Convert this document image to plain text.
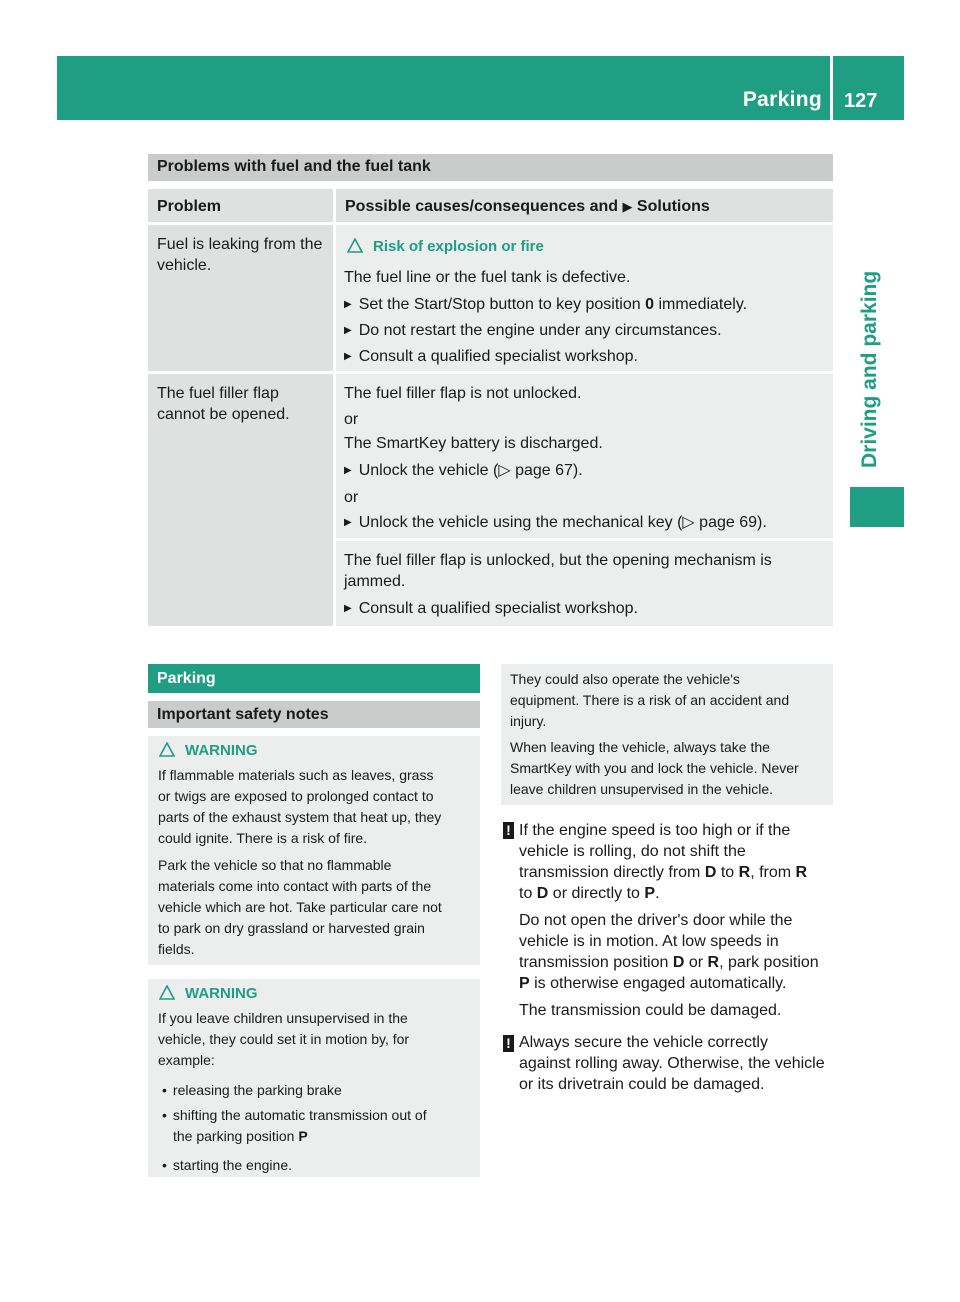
Parking 127
Driving and parking
Problems with fuel and the fuel tank
Problem	Possible causes/consequences and ▶ Solutions
Fuel is leaking from the
vehicle.
Risk of explosion or fire
The fuel line or the fuel tank is defective.
▶ Set the Start/Stop button to key position 0 immediately.
▶ Do not restart the engine under any circumstances.
▶ Consult a qualified specialist workshop.
The fuel filler flap
cannot be opened.
The fuel filler flap is not unlocked.
or
The SmartKey battery is discharged.
▶ Unlock the vehicle (▷ page 67).
or
▶ Unlock the vehicle using the mechanical key (▷ page 69).
The fuel filler flap is unlocked, but the opening mechanism is
jammed.
▶ Consult a qualified specialist workshop.
Parking
Important safety notes
WARNING
If flammable materials such as leaves, grass
or twigs are exposed to prolonged contact to
parts of the exhaust system that heat up, they
could ignite. There is a risk of fire.
Park the vehicle so that no flammable
materials come into contact with parts of the
vehicle which are hot. Take particular care not
to park on dry grassland or harvested grain
fields.
WARNING
If you leave children unsupervised in the
vehicle, they could set it in motion by, for
example:
• releasing the parking brake
• shifting the automatic transmission out of
the parking position P
• starting the engine.
They could also operate the vehicle's
equipment. There is a risk of an accident and
injury.
When leaving the vehicle, always take the
SmartKey with you and lock the vehicle. Never
leave children unsupervised in the vehicle.
! If the engine speed is too high or if the
vehicle is rolling, do not shift the
transmission directly from D to R, from R
to D or directly to P.
Do not open the driver's door while the
vehicle is in motion. At low speeds in
transmission position D or R, park position
P is otherwise engaged automatically.
The transmission could be damaged.
! Always secure the vehicle correctly
against rolling away. Otherwise, the vehicle
or its drivetrain could be damaged.
